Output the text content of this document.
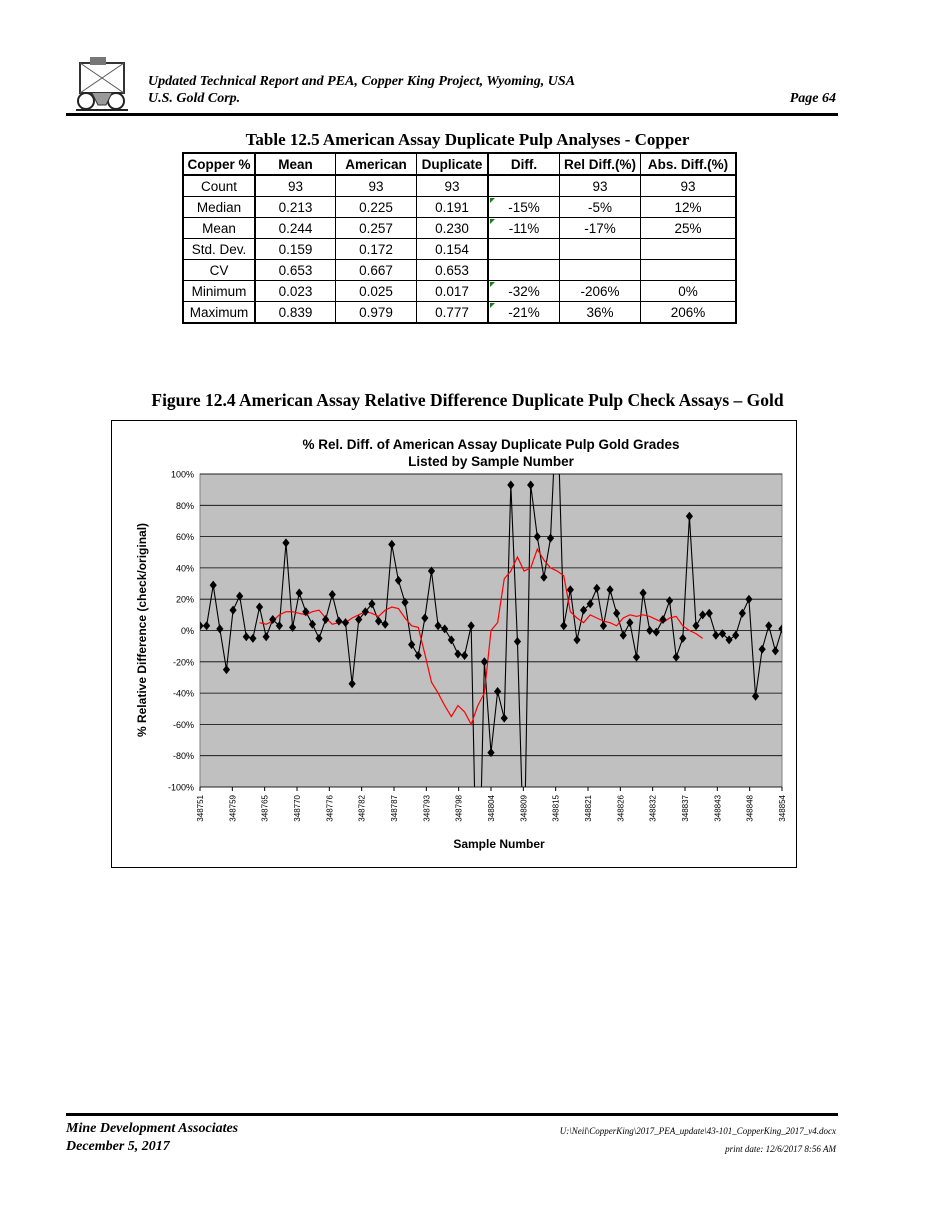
Updated Technical Report and PEA, Copper King Project, Wyoming, USA
U.S. Gold Corp.	Page 64
Table 12.5 American Assay Duplicate Pulp Analyses - Copper
Copper %	Mean	American	Duplicate	Diff.	Rel Diff.(%)	Abs. Diff.(%)
Count	93	93	93		93	93
Median	0.213	0.225	0.191	-15%	-5%	12%
Mean	0.244	0.257	0.230	-11%	-17%	25%
Std. Dev.	0.159	0.172	0.154			
CV	0.653	0.667	0.653			
Minimum	0.023	0.025	0.017	-32%	-206%	0%
Maximum	0.839	0.979	0.777	-21%	36%	206%
Figure 12.4 American Assay Relative Difference Duplicate Pulp Check Assays – Gold
% Rel. Diff. of American Assay Duplicate Pulp Gold Grades
Listed by Sample Number
100%
80%
60%
40%
20%
0%
-20%
-40%
-60%
-80%
-100%
348751	348759	348765	348770	348776	348782	348787	348793	348798	348804	348809	348815	348821	348826	348832	348837	348843	348848	348854
% Relative Difference (check/original)
Sample Number
Mine Development Associates
December 5, 2017
U:\Neil\CopperKing\2017_PEA_update\43-101_CopperKing_2017_v4.docx
print date: 12/6/2017 8:56 AM
